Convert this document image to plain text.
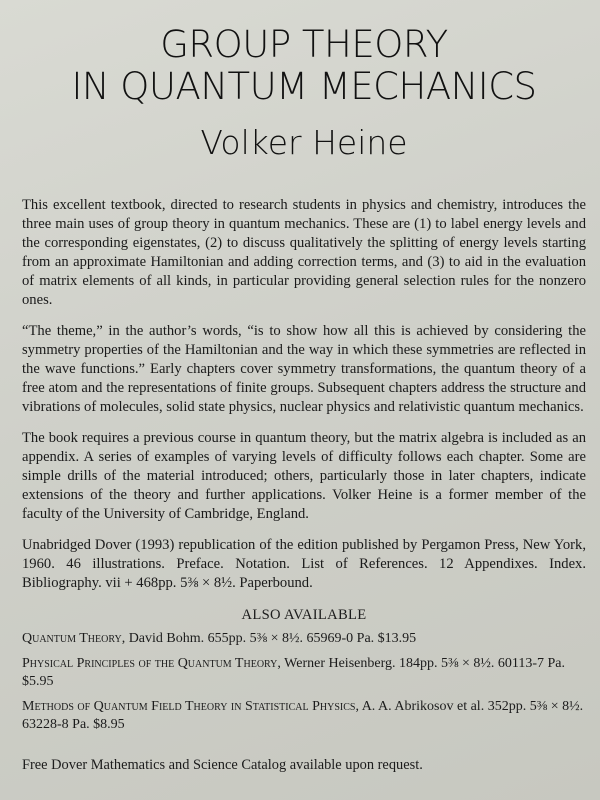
GROUP THEORY
IN QUANTUM MECHANICS
Volker Heine

This excellent textbook, directed to research students in physics and chemistry, introduces the three main uses of group theory in quantum mechanics. These are (1) to label energy levels and the corresponding eigenstates, (2) to discuss qualitatively the splitting of energy levels starting from an approximate Hamiltonian and adding correction terms, and (3) to aid in the evaluation of matrix elements of all kinds, in particular providing general selection rules for the nonzero ones.

“The theme,” in the author’s words, “is to show how all this is achieved by considering the symmetry properties of the Hamiltonian and the way in which these symmetries are reflected in the wave functions.” Early chapters cover symmetry transformations, the quantum theory of a free atom and the representations of finite groups. Subsequent chapters address the structure and vibrations of molecules, solid state physics, nuclear physics and relativistic quantum mechanics.

The book requires a previous course in quantum theory, but the matrix algebra is included as an appendix. A series of examples of varying levels of difficulty follows each chapter. Some are simple drills of the material introduced; others, particularly those in later chapters, indicate extensions of the theory and further applications. Volker Heine is a former member of the faculty of the University of Cambridge, England.

Unabridged Dover (1993) republication of the edition published by Pergamon Press, New York, 1960. 46 illustrations. Preface. Notation. List of References. 12 Appendixes. Index. Bibliography. vii + 468pp. 5⅜ × 8½. Paperbound.

ALSO AVAILABLE

Quantum Theory, David Bohm. 655pp. 5⅜ × 8½. 65969-0 Pa. $13.95

Physical Principles of the Quantum Theory, Werner Heisenberg. 184pp. 5⅜ × 8½. 60113-7 Pa. $5.95

Methods of Quantum Field Theory in Statistical Physics, A. A. Abrikosov et al. 352pp. 5⅜ × 8½. 63228-8 Pa. $8.95

Free Dover Mathematics and Science Catalog available upon request.
